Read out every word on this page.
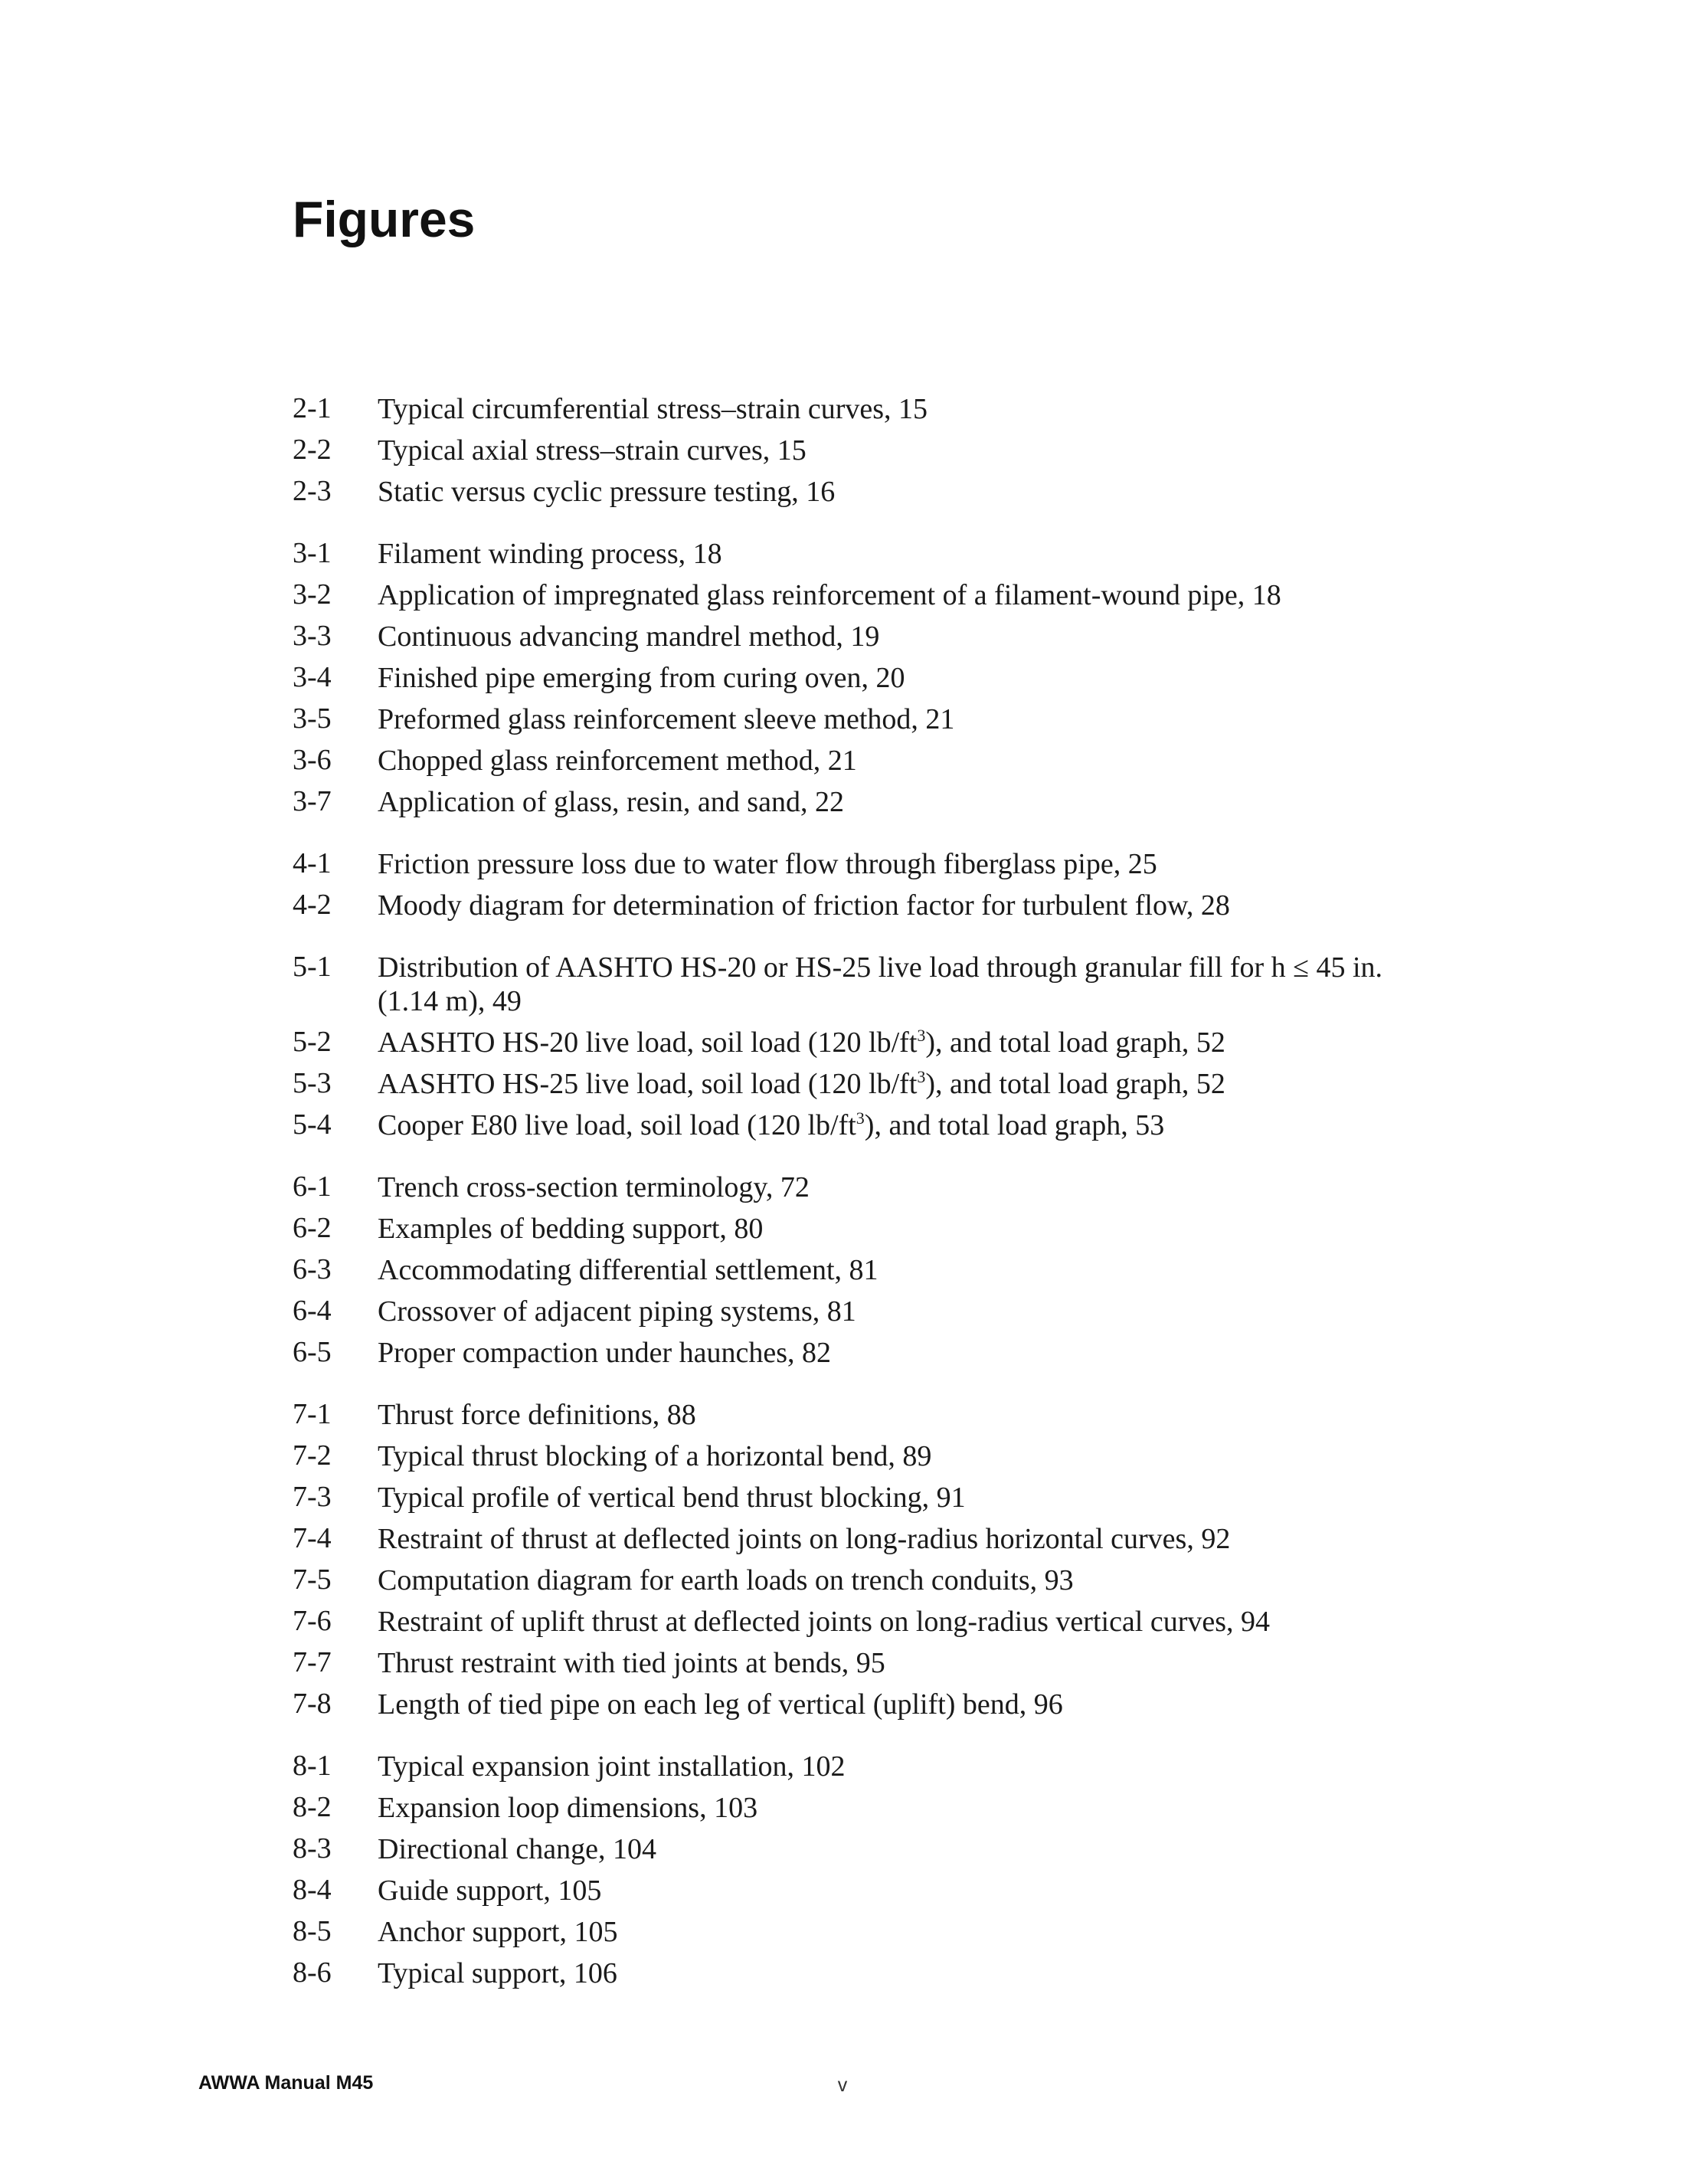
Figures
2-1	Typical circumferential stress–strain curves, 15
2-2	Typical axial stress–strain curves, 15
2-3	Static versus cyclic pressure testing, 16
3-1	Filament winding process, 18
3-2	Application of impregnated glass reinforcement of a filament-wound pipe, 18
3-3	Continuous advancing mandrel method, 19
3-4	Finished pipe emerging from curing oven, 20
3-5	Preformed glass reinforcement sleeve method, 21
3-6	Chopped glass reinforcement method, 21
3-7	Application of glass, resin, and sand, 22
4-1	Friction pressure loss due to water flow through fiberglass pipe, 25
4-2	Moody diagram for determination of friction factor for turbulent flow, 28
5-1	Distribution of AASHTO HS-20 or HS-25 live load through granular fill for h ≤ 45 in. (1.14 m), 49
5-2	AASHTO HS-20 live load, soil load (120 $lb/ft^3$), and total load graph, 52
5-3	AASHTO HS-25 live load, soil load (120 $lb/ft^3$), and total load graph, 52
5-4	Cooper E80 live load, soil load (120 $lb/ft^3$), and total load graph, 53
6-1	Trench cross-section terminology, 72
6-2	Examples of bedding support, 80
6-3	Accommodating differential settlement, 81
6-4	Crossover of adjacent piping systems, 81
6-5	Proper compaction under haunches, 82
7-1	Thrust force definitions, 88
7-2	Typical thrust blocking of a horizontal bend, 89
7-3	Typical profile of vertical bend thrust blocking, 91
7-4	Restraint of thrust at deflected joints on long-radius horizontal curves, 92
7-5	Computation diagram for earth loads on trench conduits, 93
7-6	Restraint of uplift thrust at deflected joints on long-radius vertical curves, 94
7-7	Thrust restraint with tied joints at bends, 95
7-8	Length of tied pipe on each leg of vertical (uplift) bend, 96
8-1	Typical expansion joint installation, 102
8-2	Expansion loop dimensions, 103
8-3	Directional change, 104
8-4	Guide support, 105
8-5	Anchor support, 105
8-6	Typical support, 106
AWWA Manual M45	v
